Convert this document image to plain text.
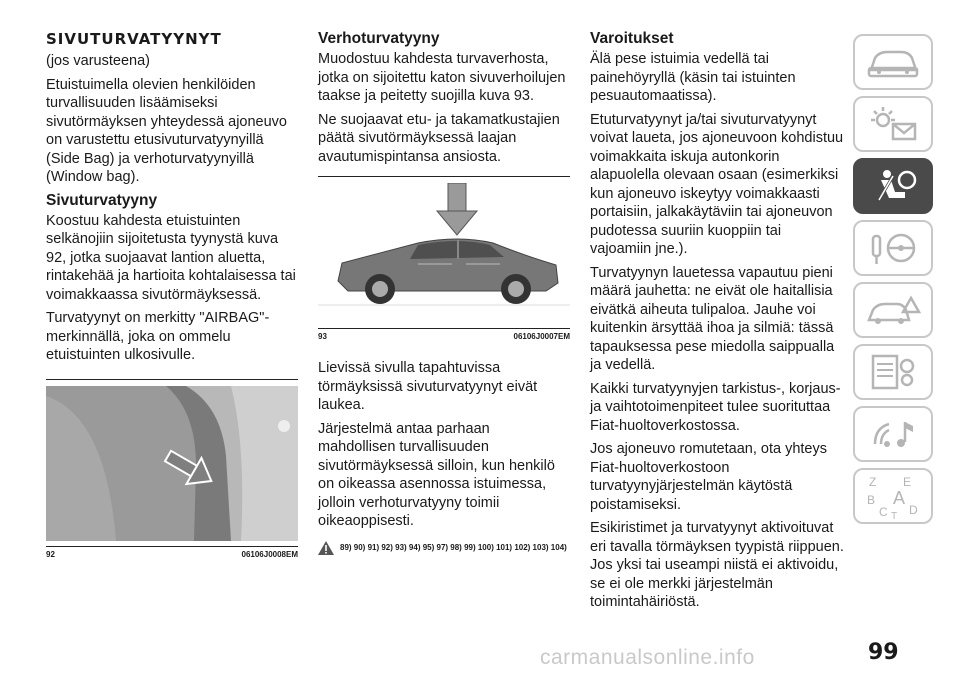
SIVUTURVATYYNYT

(jos varusteena)

Etuistuimella olevien henkilöiden turvallisuuden lisäämiseksi sivutörmäyksen yhteydessä ajoneuvo on varustettu etusivuturvatyynyillä (Side Bag) ja verhoturvatyynyillä (Window bag).

Sivuturvatyyny

Koostuu kahdesta etuistuinten selkänojiin sijoitetusta tyynystä kuva 92, jotka suojaavat lantion aluetta, rintakehää ja hartioita kohtalaisessa tai voimakkaassa sivutörmäyksessä.

Turvatyynyt on merkitty "AIRBAG"-merkinnällä, joka on ommelu etuistuinten ulkosivulle.

92	06106J0008EM
Verhoturvatyyny

Muodostuu kahdesta turvaverhosta, jotka on sijoitettu katon sivuverhoilujen taakse ja peitetty suojilla kuva 93.

Ne suojaavat etu- ja takamatkustajien päätä sivutörmäyksessä laajan avautumispintansa ansiosta.

93	06106J0007EM

Lievissä sivulla tapahtuvissa törmäyksissä sivuturvatyynyt eivät laukea.

Järjestelmä antaa parhaan mahdollisen turvallisuuden sivutörmäyksessä silloin, kun henkilö on oikeassa asennossa istuimessa, jolloin verhoturvatyyny toimii oikeaoppisesti.

89) 90) 91) 92) 93) 94) 95) 97) 98) 99) 100) 101) 102) 103) 104)
Varoitukset

Älä pese istuimia vedellä tai painehöyryllä (käsin tai istuinten pesuautomaatissa).

Etuturvatyynyt ja/tai sivuturvatyynyt voivat laueta, jos ajoneuvoon kohdistuu voimakkaita iskuja autonkorin alapuolella olevaan osaan (esimerkiksi kun ajoneuvo iskeytyy voimakkaasti portaisiin, jalkakäytäviin tai ajoneuvon pudotessa suuriin kuoppiin tai vajoamiin jne.).

Turvatyynyn lauetessa vapautuu pieni määrä jauhetta: ne eivät ole haitallisia eivätkä aiheuta tulipaloa. Jauhe voi kuitenkin ärsyttää ihoa ja silmiä: tässä tapauksessa pese miedolla saippualla ja vedellä.

Kaikki turvatyynyjen tarkistus-, korjaus- ja vaihtotoimenpiteet tulee suorituttaa Fiat-huoltoverkostossa.

Jos ajoneuvo romutetaan, ota yhteys Fiat-huoltoverkostoon turvatyynyjärjestelmän käytöstä poistamiseksi.

Esikiristimet ja turvatyynyt aktivoituvat eri tavalla törmäyksen tyypistä riippuen. Jos yksi tai useampi niistä ei aktivoidu, se ei ole merkki järjestelmän toimintahäiriöstä.

Z E
B A
C D
T
99
carmanualsonline.info
